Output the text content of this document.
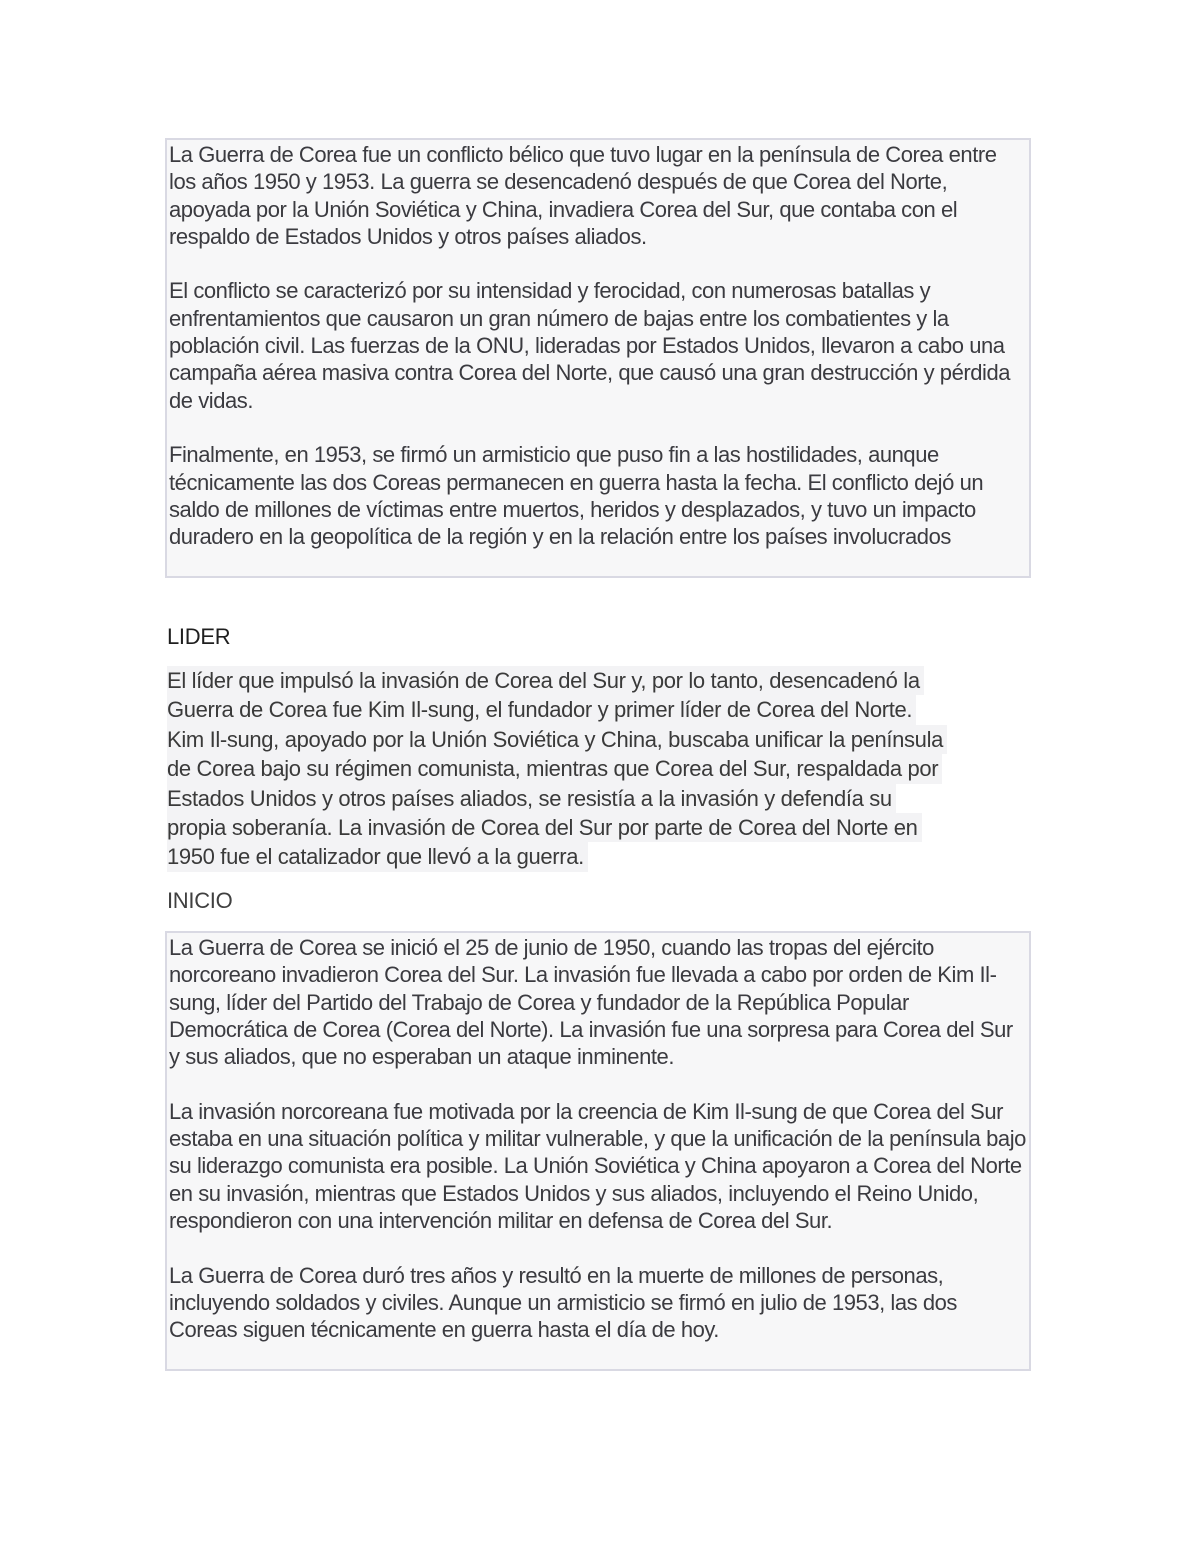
La Guerra de Corea fue un conflicto bélico que tuvo lugar en la península de Corea entre los años 1950 y 1953. La guerra se desencadenó después de que Corea del Norte, apoyada por la Unión Soviética y China, invadiera Corea del Sur, que contaba con el respaldo de Estados Unidos y otros países aliados.

El conflicto se caracterizó por su intensidad y ferocidad, con numerosas batallas y enfrentamientos que causaron un gran número de bajas entre los combatientes y la población civil. Las fuerzas de la ONU, lideradas por Estados Unidos, llevaron a cabo una campaña aérea masiva contra Corea del Norte, que causó una gran destrucción y pérdida de vidas.

Finalmente, en 1953, se firmó un armisticio que puso fin a las hostilidades, aunque técnicamente las dos Coreas permanecen en guerra hasta la fecha. El conflicto dejó un saldo de millones de víctimas entre muertos, heridos y desplazados, y tuvo un impacto duradero en la geopolítica de la región y en la relación entre los países involucrados

LIDER
El líder que impulsó la invasión de Corea del Sur y, por lo tanto, desencadenó la
Guerra de Corea fue Kim Il-sung, el fundador y primer líder de Corea del Norte.
Kim Il-sung, apoyado por la Unión Soviética y China, buscaba unificar la península
de Corea bajo su régimen comunista, mientras que Corea del Sur, respaldada por
Estados Unidos y otros países aliados, se resistía a la invasión y defendía su
propia soberanía. La invasión de Corea del Sur por parte de Corea del Norte en
1950 fue el catalizador que llevó a la guerra.
INICIO

La Guerra de Corea se inició el 25 de junio de 1950, cuando las tropas del ejército norcoreano invadieron Corea del Sur. La invasión fue llevada a cabo por orden de Kim Il-sung, líder del Partido del Trabajo de Corea y fundador de la República Popular Democrática de Corea (Corea del Norte). La invasión fue una sorpresa para Corea del Sur y sus aliados, que no esperaban un ataque inminente.

La invasión norcoreana fue motivada por la creencia de Kim Il-sung de que Corea del Sur estaba en una situación política y militar vulnerable, y que la unificación de la península bajo su liderazgo comunista era posible. La Unión Soviética y China apoyaron a Corea del Norte en su invasión, mientras que Estados Unidos y sus aliados, incluyendo el Reino Unido, respondieron con una intervención militar en defensa de Corea del Sur.

La Guerra de Corea duró tres años y resultó en la muerte de millones de personas, incluyendo soldados y civiles. Aunque un armisticio se firmó en julio de 1953, las dos Coreas siguen técnicamente en guerra hasta el día de hoy.
